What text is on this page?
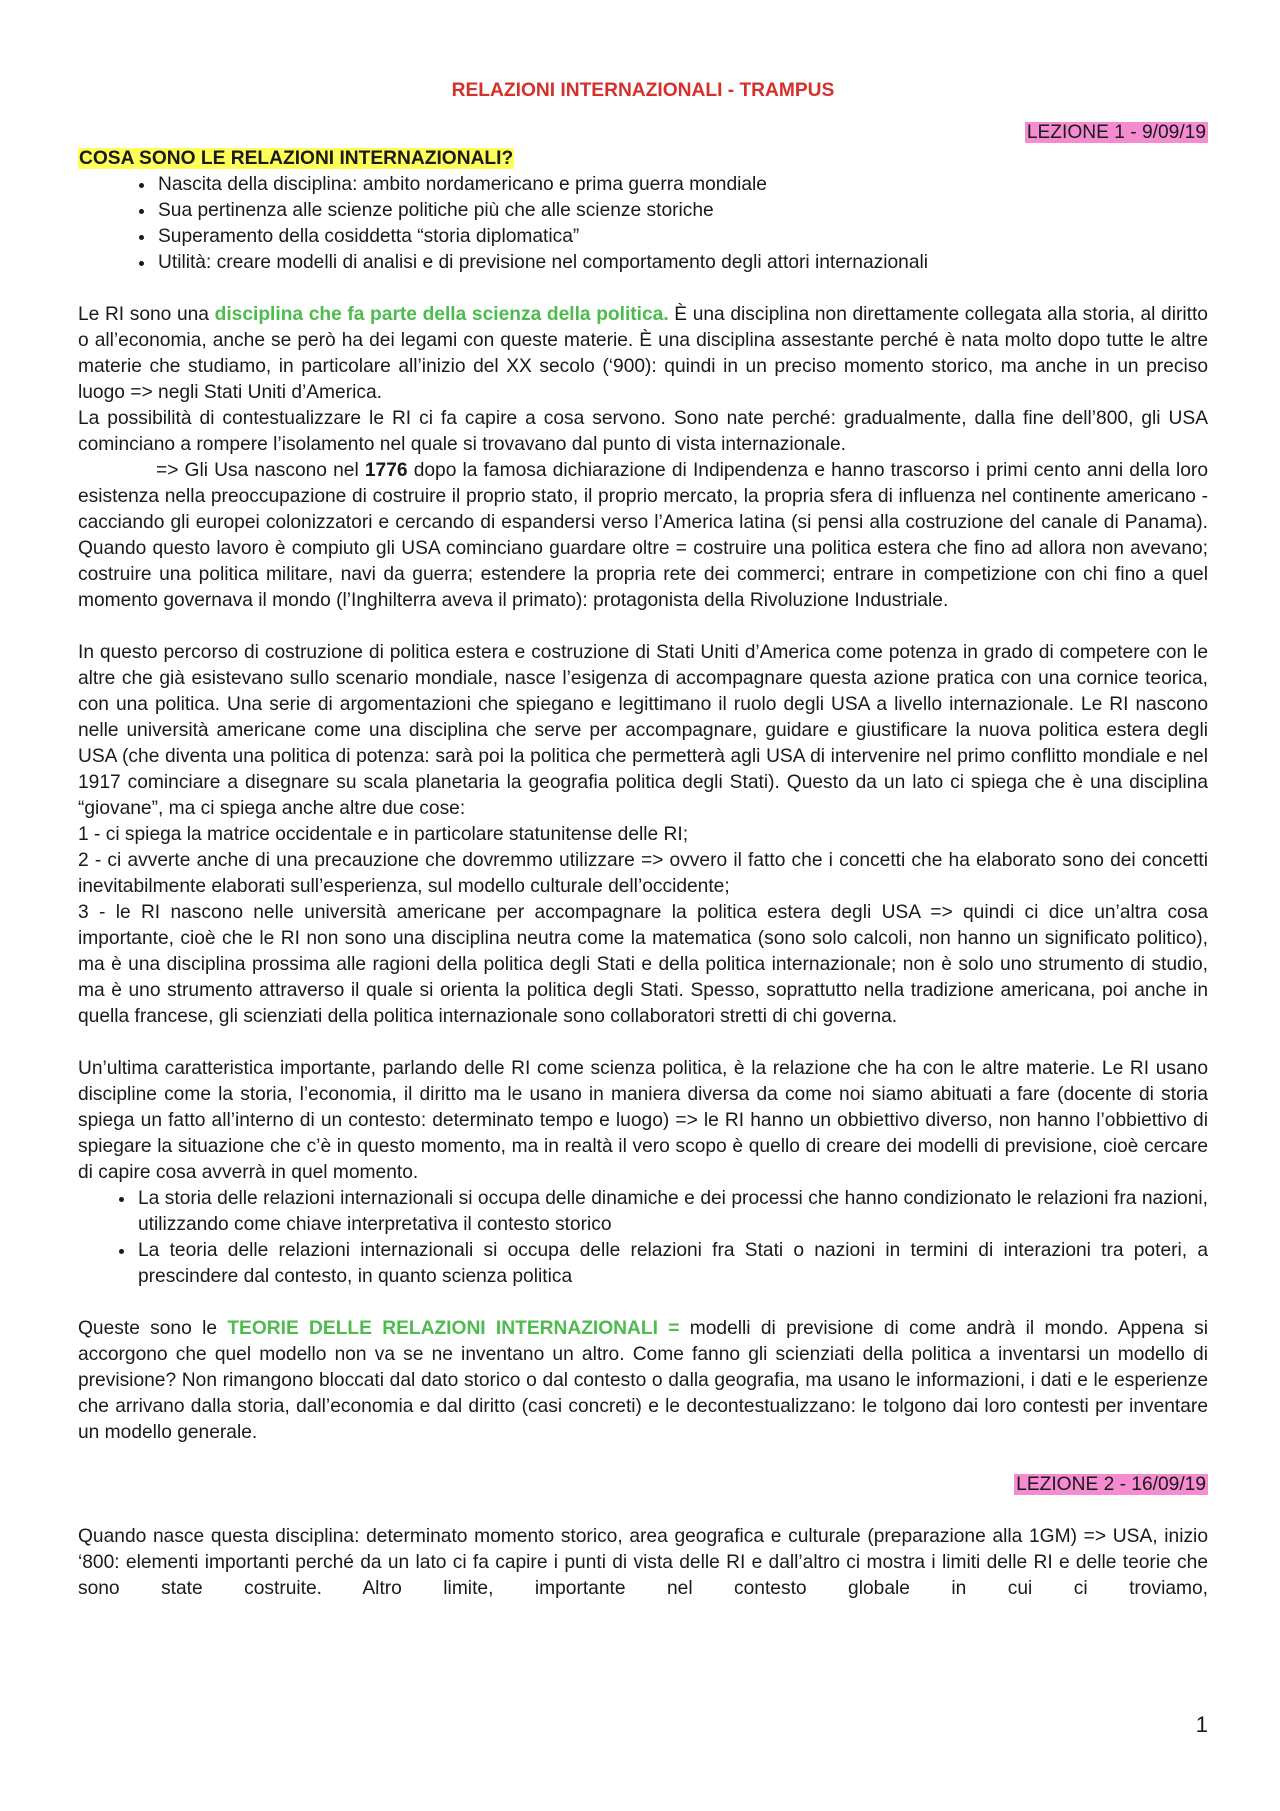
RELAZIONI INTERNAZIONALI - TRAMPUS
LEZIONE 1 - 9/09/19
COSA SONO LE RELAZIONI INTERNAZIONALI?
• Nascita della disciplina: ambito nordamericano e prima guerra mondiale
• Sua pertinenza alle scienze politiche più che alle scienze storiche
• Superamento della cosiddetta “storia diplomatica”
• Utilità: creare modelli di analisi e di previsione nel comportamento degli attori internazionali

Le RI sono una disciplina che fa parte della scienza della politica. È una disciplina non direttamente collegata alla storia, al diritto o all’economia, anche se però ha dei legami con queste materie. È una disciplina assestante perché è nata molto dopo tutte le altre materie che studiamo, in particolare all’inizio del XX secolo (‘900): quindi in un preciso momento storico, ma anche in un preciso luogo => negli Stati Uniti d’America.

La possibilità di contestualizzare le RI ci fa capire a cosa servono. Sono nate perché: gradualmente, dalla fine dell’800, gli USA cominciano a rompere l’isolamento nel quale si trovavano dal punto di vista internazionale.

=> Gli Usa nascono nel 1776 dopo la famosa dichiarazione di Indipendenza e hanno trascorso i primi cento anni della loro esistenza nella preoccupazione di costruire il proprio stato, il proprio mercato, la propria sfera di influenza nel continente americano - cacciando gli europei colonizzatori e cercando di espandersi verso l’America latina (si pensi alla costruzione del canale di Panama). Quando questo lavoro è compiuto gli USA cominciano guardare oltre = costruire una politica estera che fino ad allora non avevano; costruire una politica militare, navi da guerra; estendere la propria rete dei commerci; entrare in competizione con chi fino a quel momento governava il mondo (l’Inghilterra aveva il primato): protagonista della Rivoluzione Industriale.

In questo percorso di costruzione di politica estera e costruzione di Stati Uniti d’America come potenza in grado di competere con le altre che già esistevano sullo scenario mondiale, nasce l’esigenza di accompagnare questa azione pratica con una cornice teorica, con una politica. Una serie di argomentazioni che spiegano e legittimano il ruolo degli USA a livello internazionale. Le RI nascono nelle università americane come una disciplina che serve per accompagnare, guidare e giustificare la nuova politica estera degli USA (che diventa una politica di potenza: sarà poi la politica che permetterà agli USA di intervenire nel primo conflitto mondiale e nel 1917 cominciare a disegnare su scala planetaria la geografia politica degli Stati). Questo da un lato ci spiega che è una disciplina “giovane”, ma ci spiega anche altre due cose:

1 - ci spiega la matrice occidentale e in particolare statunitense delle RI;

2 - ci avverte anche di una precauzione che dovremmo utilizzare => ovvero il fatto che i concetti che ha elaborato sono dei concetti inevitabilmente elaborati sull’esperienza, sul modello culturale dell’occidente;

3 - le RI nascono nelle università americane per accompagnare la politica estera degli USA => quindi ci dice un’altra cosa importante, cioè che le RI non sono una disciplina neutra come la matematica (sono solo calcoli, non hanno un significato politico), ma è una disciplina prossima alle ragioni della politica degli Stati e della politica internazionale; non è solo uno strumento di studio, ma è uno strumento attraverso il quale si orienta la politica degli Stati. Spesso, soprattutto nella tradizione americana, poi anche in quella francese, gli scienziati della politica internazionale sono collaboratori stretti di chi governa.

Un’ultima caratteristica importante, parlando delle RI come scienza politica, è la relazione che ha con le altre materie. Le RI usano discipline come la storia, l’economia, il diritto ma le usano in maniera diversa da come noi siamo abituati a fare (docente di storia spiega un fatto all’interno di un contesto: determinato tempo e luogo) => le RI hanno un obbiettivo diverso, non hanno l’obbiettivo di spiegare la situazione che c’è in questo momento, ma in realtà il vero scopo è quello di creare dei modelli di previsione, cioè cercare di capire cosa avverrà in quel momento.

• La storia delle relazioni internazionali si occupa delle dinamiche e dei processi che hanno condizionato le relazioni fra nazioni, utilizzando come chiave interpretativa il contesto storico
• La teoria delle relazioni internazionali si occupa delle relazioni fra Stati o nazioni in termini di interazioni tra poteri, a prescindere dal contesto, in quanto scienza politica

Queste sono le TEORIE DELLE RELAZIONI INTERNAZIONALI = modelli di previsione di come andrà il mondo. Appena si accorgono che quel modello non va se ne inventano un altro. Come fanno gli scienziati della politica a inventarsi un modello di previsione? Non rimangono bloccati dal dato storico o dal contesto o dalla geografia, ma usano le informazioni, i dati e le esperienze che arrivano dalla storia, dall’economia e dal diritto (casi concreti) e le decontestualizzano: le tolgono dai loro contesti per inventare un modello generale.

LEZIONE 2 - 16/09/19

Quando nasce questa disciplina: determinato momento storico, area geografica e culturale (preparazione alla 1GM) => USA, inizio ‘800: elementi importanti perché da un lato ci fa capire i punti di vista delle RI e dall’altro ci mostra i limiti delle RI e delle teorie che sono state costruite. Altro limite, importante nel contesto globale in cui ci troviamo,

1
